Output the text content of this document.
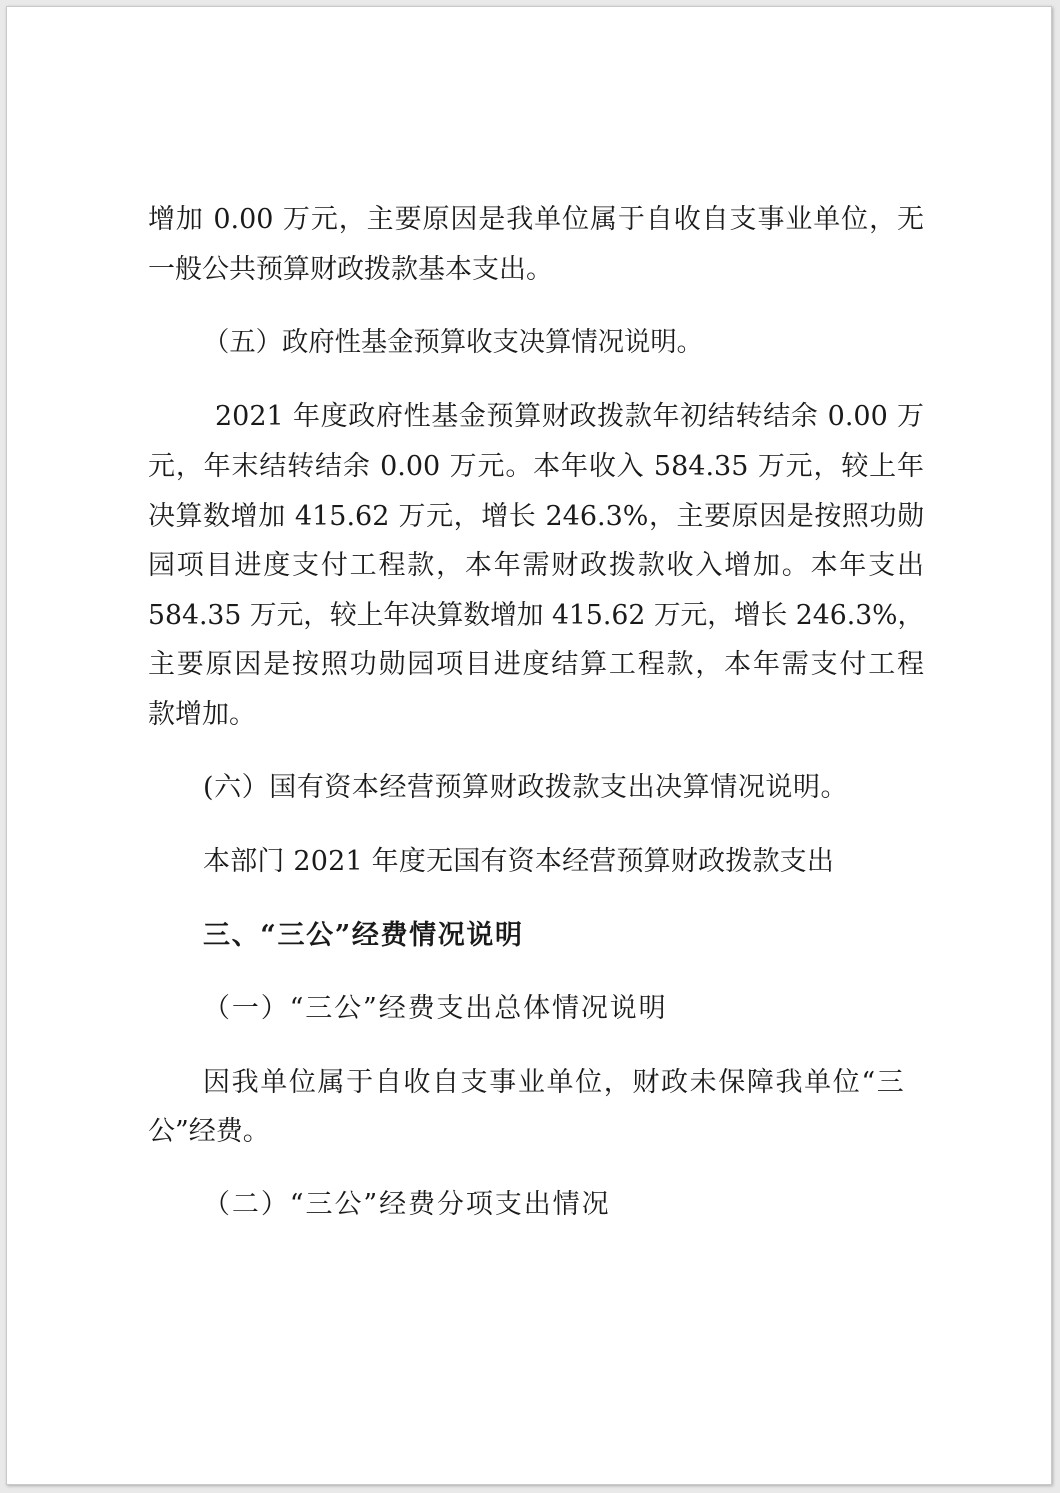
增加 0.00 万元，主要原因是我单位属于自收自支事业单位，无
一般公共预算财政拨款基本支出。
（五）政府性基金预算收支决算情况说明。
2021 年度政府性基金预算财政拨款年初结转结余 0.00 万
元，年末结转结余 0.00 万元。本年收入 584.35 万元，较上年
决算数增加 415.62 万元，增长 246.3%，主要原因是按照功勋
园项目进度支付工程款，本年需财政拨款收入增加。本年支出
584.35 万元，较上年决算数增加 415.62 万元，增长 246.3%，
主要原因是按照功勋园项目进度结算工程款，本年需支付工程
款增加。
(六）国有资本经营预算财政拨款支出决算情况说明。
本部门 2021 年度无国有资本经营预算财政拨款支出
三、“三公”经费情况说明
（一）“三公”经费支出总体情况说明
因我单位属于自收自支事业单位，财政未保障我单位“三
公”经费。
（二）“三公”经费分项支出情况
